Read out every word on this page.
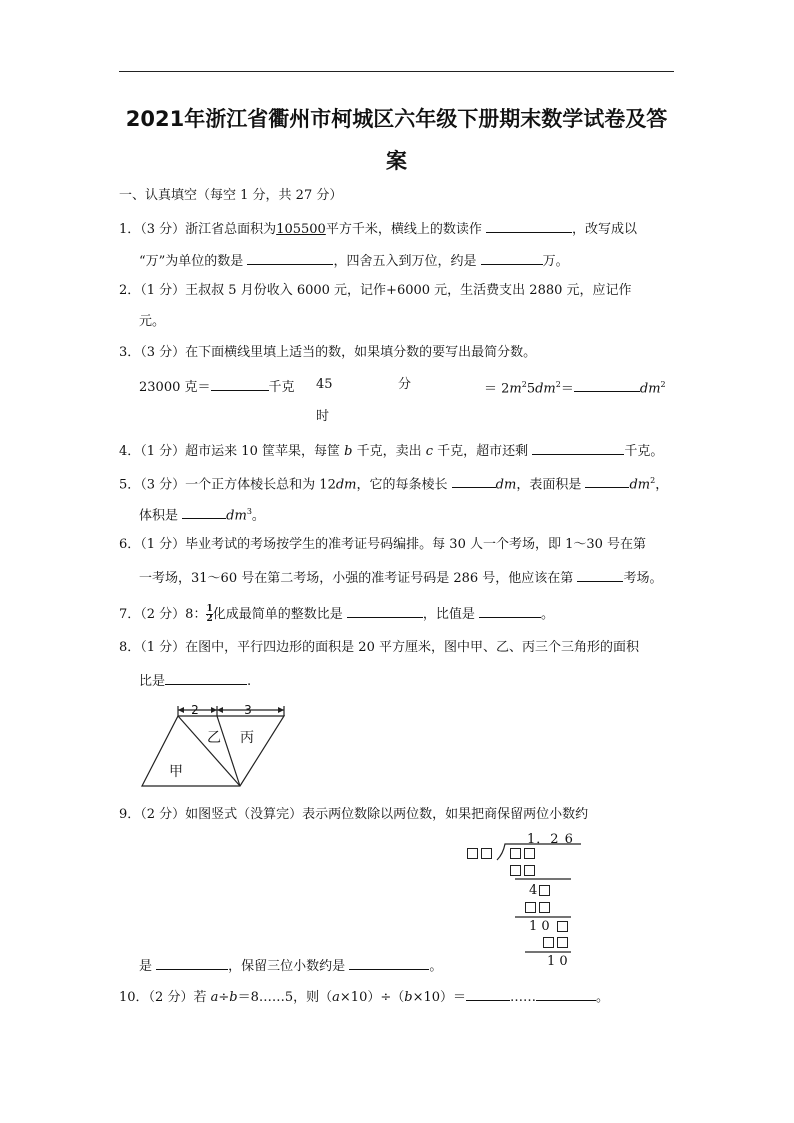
2021年浙江省衢州市柯城区六年级下册期末数学试卷及答
案
一、认真填空（每空 1 分，共 27 分）
1．（3 分）浙江省总面积为105500平方千米，横线上的数读作	，改写成以
“万”为单位的数是	，四舍五入到万位，约是	万。
2．（1 分）王叔叔 5 月份收入 6000 元，记作+6000 元，生活费支出 2880 元，应记作
元。
3．（3 分）在下面横线里填上适当的数，如果填分数的要写出最简分数。
23000 克＝	千克 45	分
时
＝ $2m^25dm^2=$	$dm^2$
4．（1 分）超市运来 10 筐苹果，每筐 b 千克，卖出 c 千克，超市还剩	千克。
5．（3 分）一个正方体棱长总和为 12dm，它的每条棱长	dm，表面积是	$dm^2$，
体积是	$dm^3$。
6．（1 分）毕业考试的考场按学生的准考证号码编排。每 30 人一个考场，即 1～30 号在第
一考场，31～60 号在第二考场，小强的准考证号码是 286 号，他应该在第	考场。
7．（2 分）8： $\frac{1}{2}$ 化成最简单的整数比是	，比值是	。
8．（1 分）在图中，平行四边形的面积是 20 平方厘米，图中甲、乙、丙三个三角形的面积
比是	.
2	3
乙 丙
甲
9．（2 分）如图竖式（没算完）表示两位数除以两位数，如果把商保留两位小数约
1．2 6
4
1 0
1 0
是	，保留三位小数约是	。
10．（2 分）若 a÷b＝8……5，则（a×10）÷（b×10）＝	……	。
